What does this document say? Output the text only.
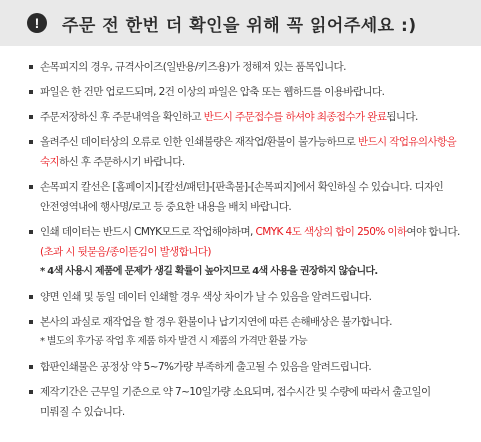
!	주문 전 한번 더 확인을 위해 꼭 읽어주세요 :)
손목피지의 경우, 규격사이즈(일반용/키즈용)가 정해져 있는 품목입니다.
파일은 한 건만 업로드되며, 2건 이상의 파일은 압축 또는 웹하드를 이용바랍니다.
주문저장하신 후 주문내역을 확인하고 반드시 주문접수를 하셔야 최종접수가 완료됩니다.
올려주신 데이터상의 오류로 인한 인쇄불량은 재작업/환불이 불가능하므로 반드시 작업유의사항을 숙지하신 후 주문하시기 바랍니다.
손목피지 칼선은 [홈페이지]-[칼선/패턴]-[판촉물]-[손목피지]에서 확인하실 수 있습니다. 디자인 안전영역내에 행사명/로고 등 중요한 내용을 배치 바랍니다.
인쇄 데이터는 반드시 CMYK모드로 작업해야하며, CMYK 4도 색상의 합이 250% 이하여야 합니다. (초과 시 뒷묻음/종이뜯김이 발생합니다)
* 4색 사용시 제품에 문제가 생길 확률이 높아지므로 4색 사용을 권장하지 않습니다.
양면 인쇄 및 동일 데이터 인쇄할 경우 색상 차이가 날 수 있음을 알려드립니다.
본사의 과실로 재작업을 할 경우 환불이나 납기지연에 따른 손해배상은 불가합니다.
* 별도의 후가공 작업 후 제품 하자 발견 시 제품의 가격만 환불 가능
합판인쇄물은 공정상 약 5~7%가량 부족하게 출고될 수 있음을 알려드립니다.
제작기간은 근무일 기준으로 약 7~10일가량 소요되며, 접수시간 및 수량에 따라서 출고일이 미뤄질 수 있습니다.
